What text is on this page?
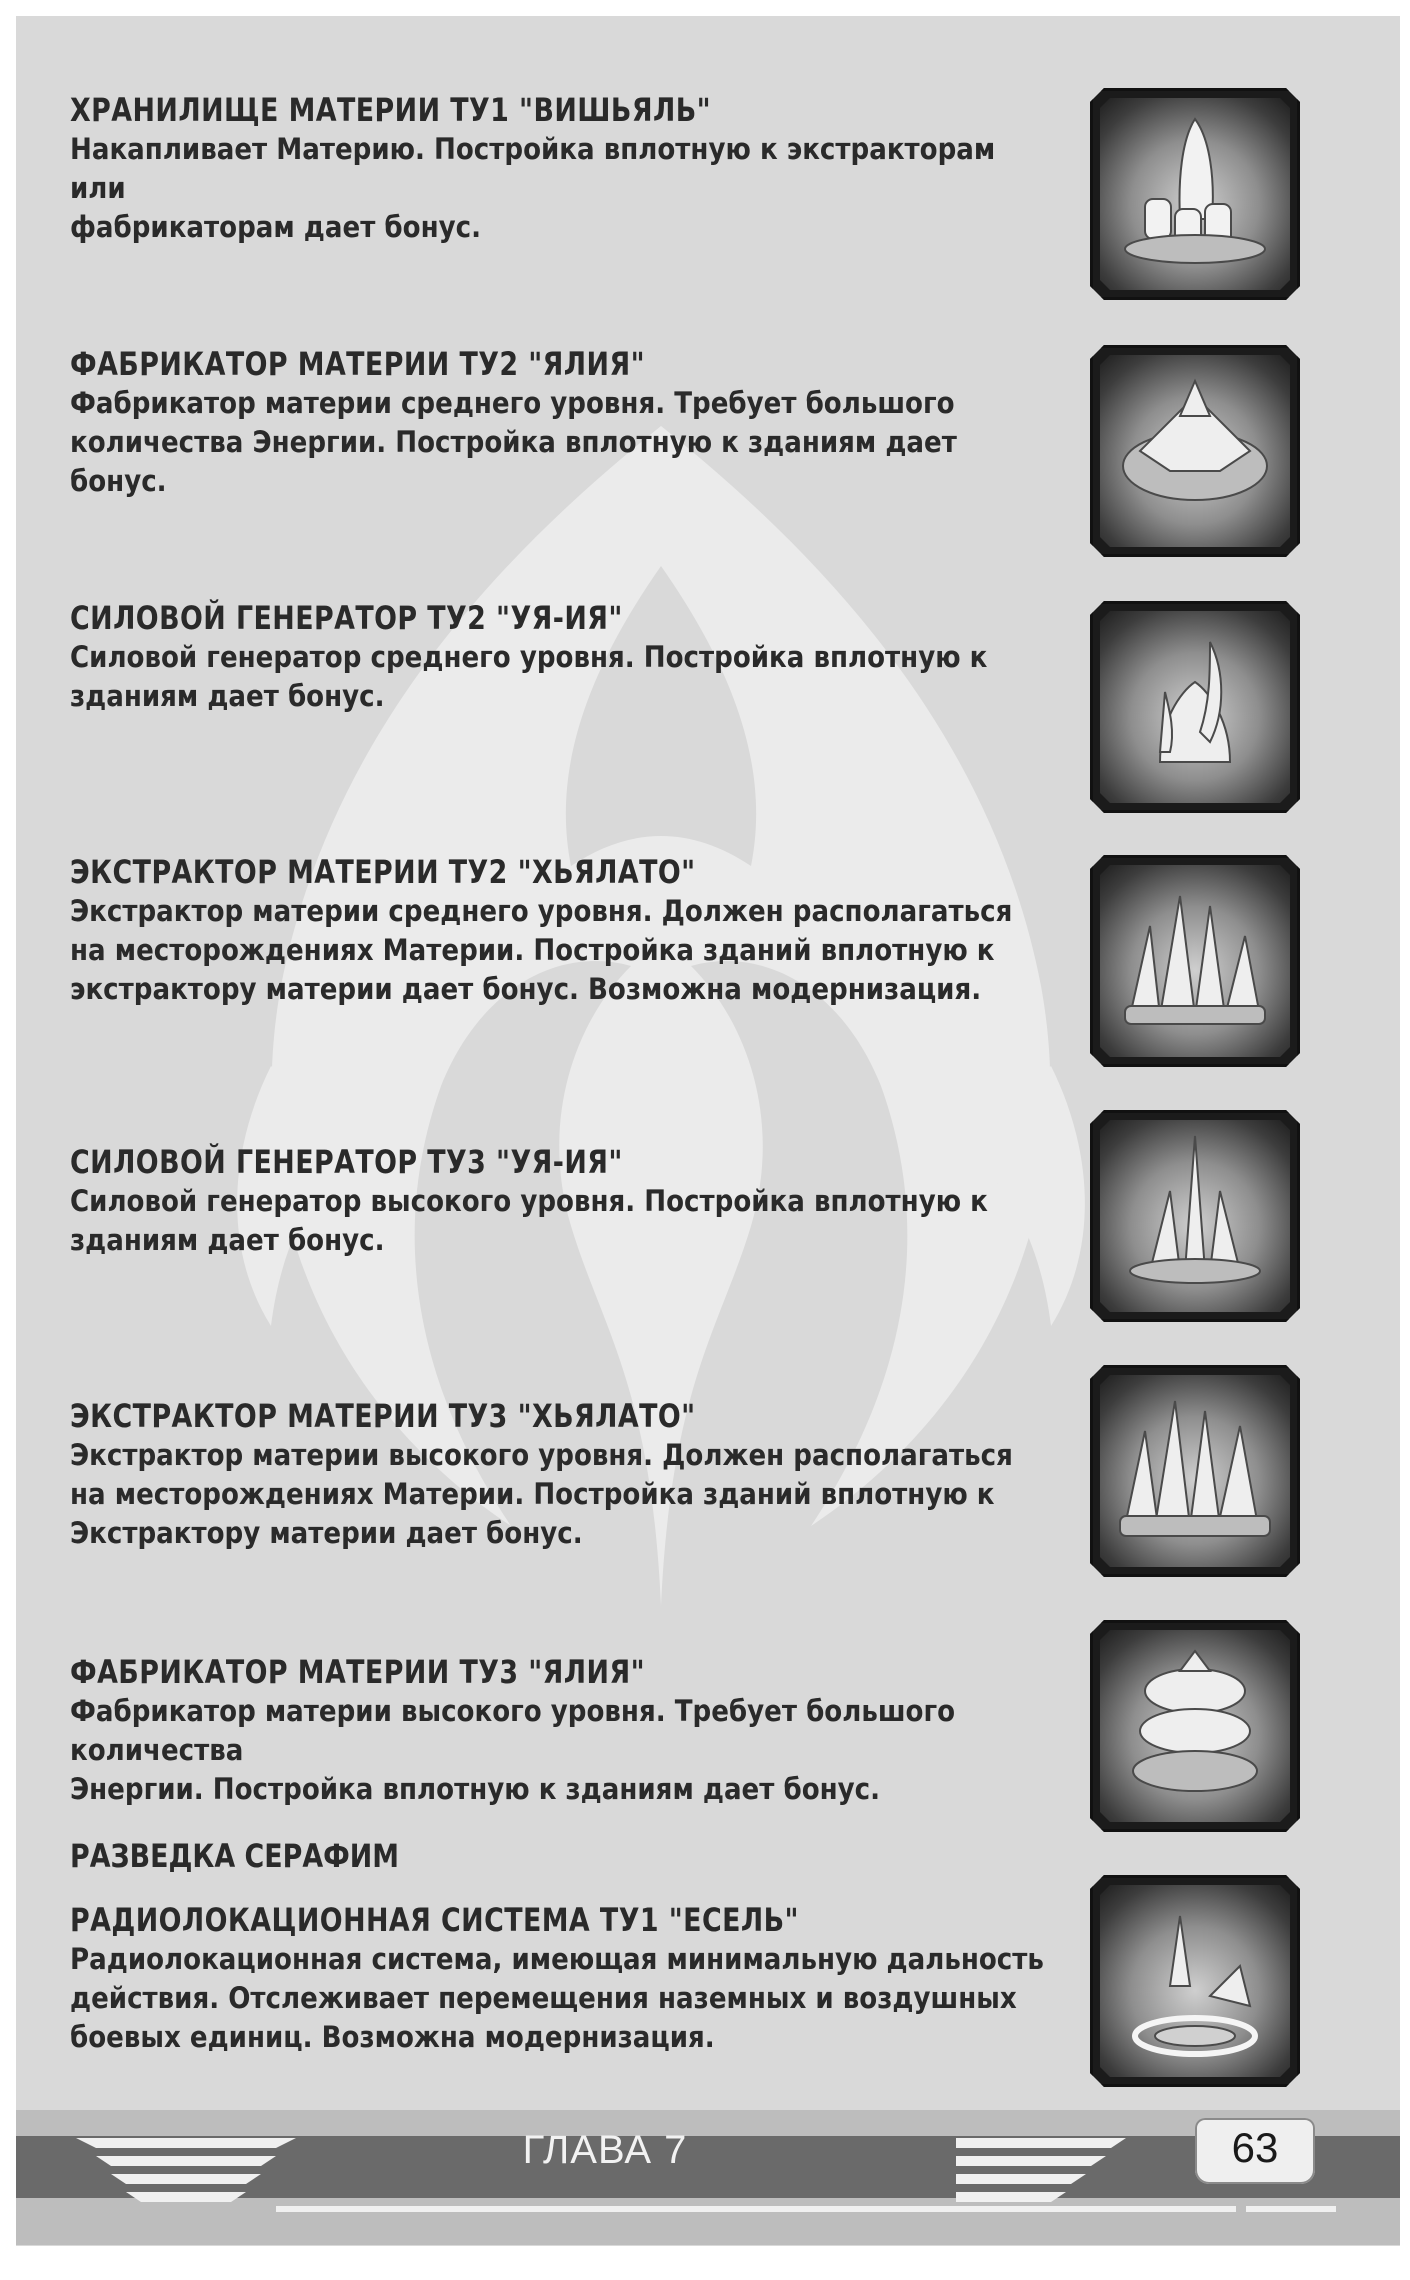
ХРАНИЛИЩЕ МАТЕРИИ ТУ1 "ВИШЬЯЛЬ"
Накапливает Материю. Постройка вплотную к экстракторам или
фабрикаторам дает бонус.
ФАБРИКАТОР МАТЕРИИ ТУ2 "ЯЛИЯ"
Фабрикатор материи среднего уровня. Требует большого
количества Энергии. Постройка вплотную к зданиям дает бонус.
СИЛОВОЙ ГЕНЕРАТОР ТУ2 "УЯ-ИЯ"
Силовой генератор среднего уровня. Постройка вплотную к
зданиям дает бонус.
ЭКСТРАКТОР МАТЕРИИ ТУ2 "ХЬЯЛАТО"
Экстрактор материи среднего уровня. Должен располагаться
на месторождениях Материи. Постройка зданий вплотную к
экстрактору материи дает бонус. Возможна модернизация.
СИЛОВОЙ ГЕНЕРАТОР ТУ3 "УЯ-ИЯ"
Силовой генератор высокого уровня. Постройка вплотную к
зданиям дает бонус.
ЭКСТРАКТОР МАТЕРИИ ТУ3 "ХЬЯЛАТО"
Экстрактор материи высокого уровня. Должен располагаться
на месторождениях Материи. Постройка зданий вплотную к
Экстрактору материи дает бонус.
ФАБРИКАТОР МАТЕРИИ ТУ3 "ЯЛИЯ"
Фабрикатор материи высокого уровня. Требует большого количества
Энергии. Постройка вплотную к зданиям дает бонус.
РАЗВЕДКА СЕРАФИМ
РАДИОЛОКАЦИОННАЯ СИСТЕМА ТУ1 "ЕСЕЛЬ"
Радиолокационная система, имеющая минимальную дальность
действия. Отслеживает перемещения наземных и воздушных
боевых единиц. Возможна модернизация.
ГЛАВА 7	63
